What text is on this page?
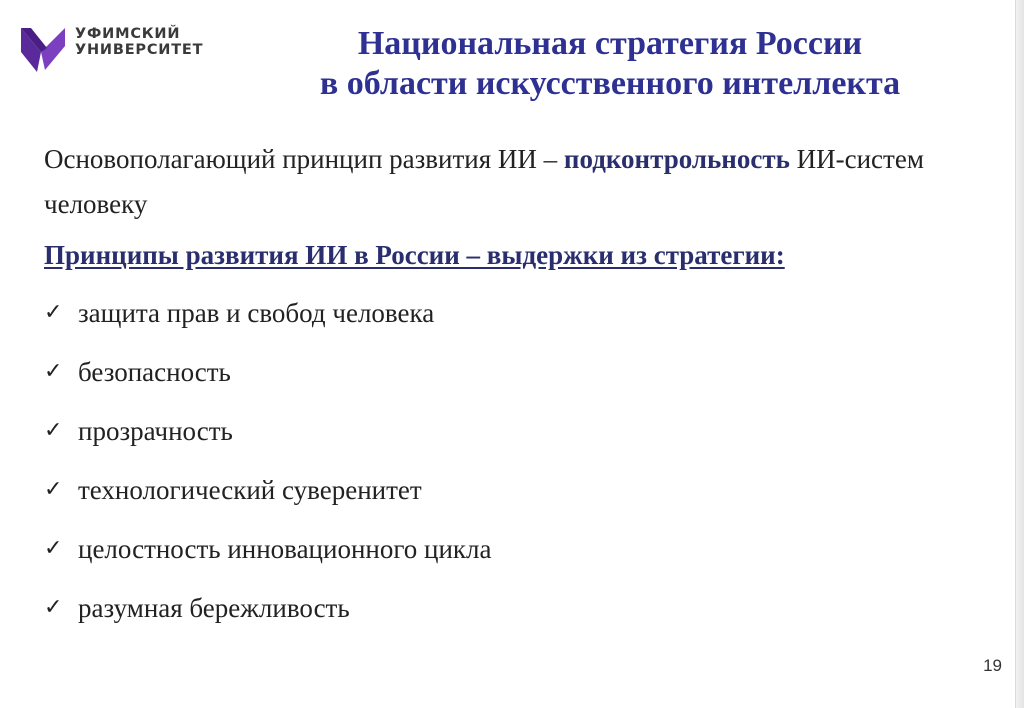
УФИМСКИЙ
УНИВЕРСИТЕТ	Национальная стратегия России
в области искусственного интеллекта
Основополагающий принцип развития ИИ – подконтрольность ИИ-систем человеку
Принципы развития ИИ в России – выдержки из стратегии:
✓ защита прав и свобод человека
✓ безопасность
✓ прозрачность
✓ технологический суверенитет
✓ целостность инновационного цикла
✓ разумная бережливость
19
